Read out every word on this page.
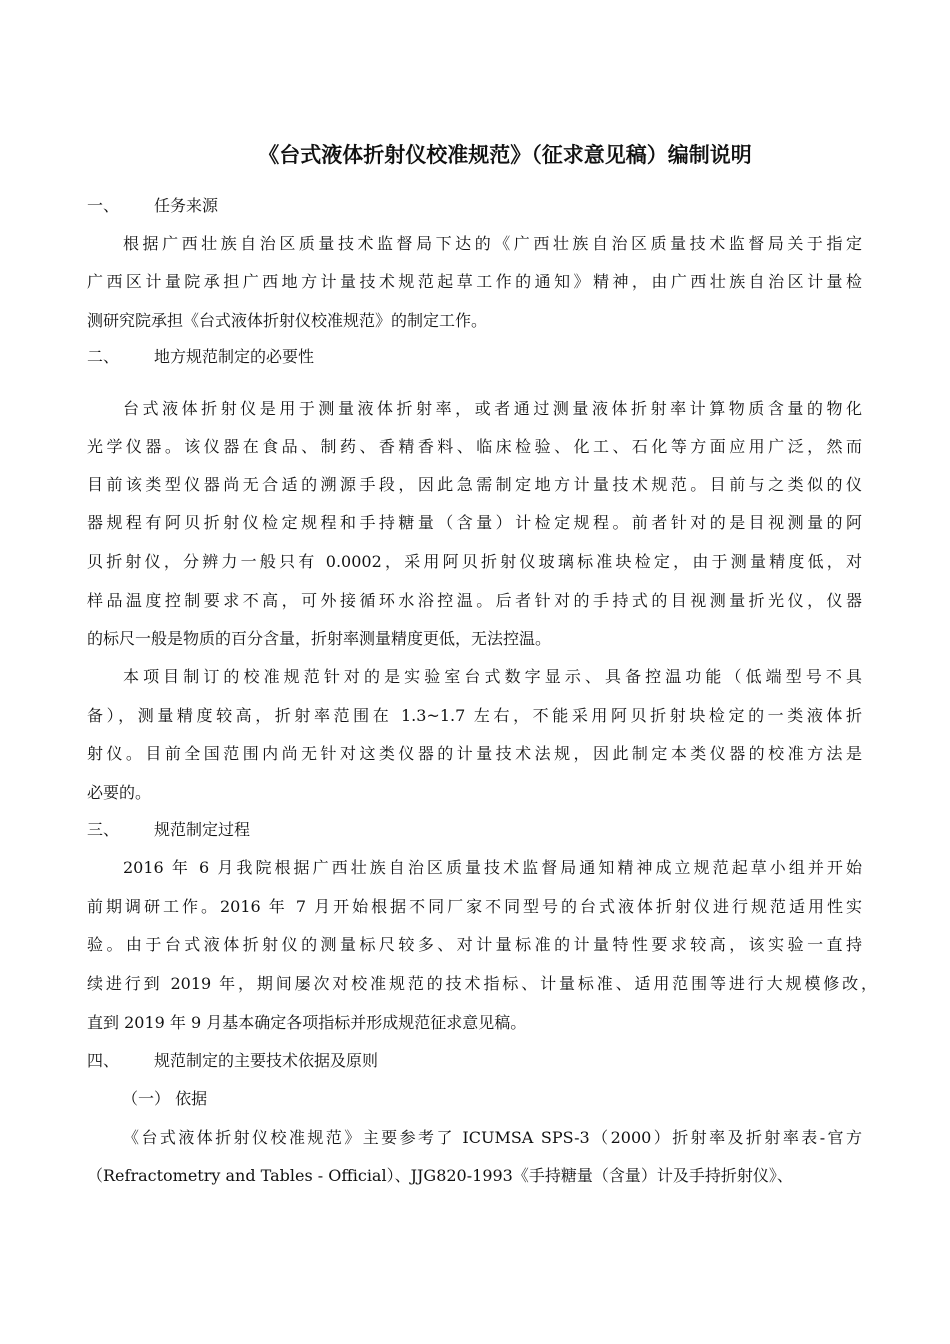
《台式液体折射仪校准规范》（征求意见稿）编制说明
一、 任务来源
根据广西壮族自治区质量技术监督局下达的《广西壮族自治区质量技术监督局关于指定
广西区计量院承担广西地方计量技术规范起草工作的通知》精神，由广西壮族自治区计量检
测研究院承担《台式液体折射仪校准规范》的制定工作。
二、 地方规范制定的必要性
台式液体折射仪是用于测量液体折射率，或者通过测量液体折射率计算物质含量的物化
光学仪器。该仪器在食品、制药、香精香料、临床检验、化工、石化等方面应用广泛，然而
目前该类型仪器尚无合适的溯源手段，因此急需制定地方计量技术规范。目前与之类似的仪
器规程有阿贝折射仪检定规程和手持糖量（含量）计检定规程。前者针对的是目视测量的阿
贝折射仪，分辨力一般只有 0.0002，采用阿贝折射仪玻璃标准块检定，由于测量精度低，对
样品温度控制要求不高，可外接循环水浴控温。后者针对的手持式的目视测量折光仪，仪器
的标尺一般是物质的百分含量，折射率测量精度更低，无法控温。
本项目制订的校准规范针对的是实验室台式数字显示、具备控温功能（低端型号不具
备），测量精度较高，折射率范围在 1.3~1.7 左右，不能采用阿贝折射块检定的一类液体折
射仪。目前全国范围内尚无针对这类仪器的计量技术法规，因此制定本类仪器的校准方法是
必要的。
三、 规范制定过程
2016 年 6 月我院根据广西壮族自治区质量技术监督局通知精神成立规范起草小组并开始
前期调研工作。2016 年 7 月开始根据不同厂家不同型号的台式液体折射仪进行规范适用性实
验。由于台式液体折射仪的测量标尺较多、对计量标准的计量特性要求较高，该实验一直持
续进行到 2019 年，期间屡次对校准规范的技术指标、计量标准、适用范围等进行大规模修改，
直到 2019 年 9 月基本确定各项指标并形成规范征求意见稿。
四、 规范制定的主要技术依据及原则
（一） 依据
《台式液体折射仪校准规范》主要参考了 ICUMSA SPS-3（2000）折射率及折射率表-官方
（Refractometry and Tables - Official）、JJG820-1993《手持糖量（含量）计及手持折射仪》、
